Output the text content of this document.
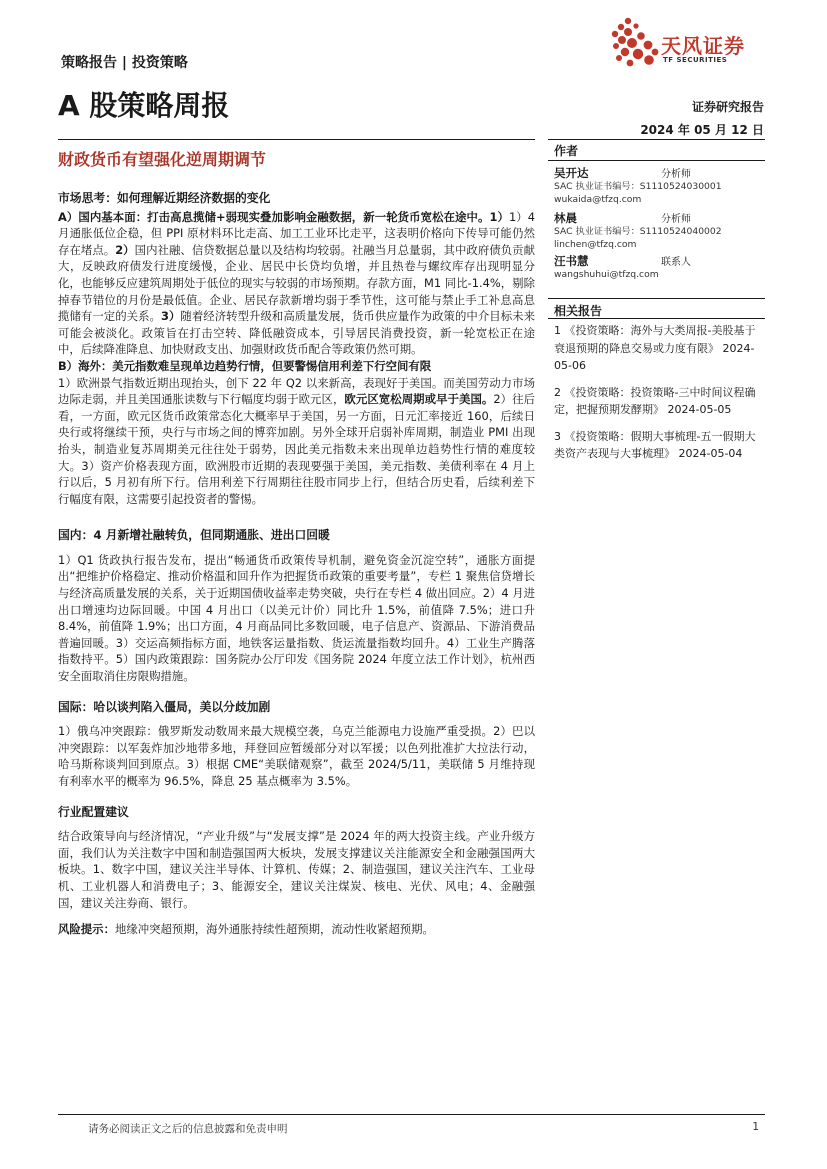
策略报告 | 投资策略
天风证券
TF SECURITIES
A 股策略周报	证券研究报告
2024 年 05 月 12 日
财政货币有望强化逆周期调节
市场思考：如何理解近期经济数据的变化

A）国内基本面：打击高息揽储+弱现实叠加影响金融数据，新一轮货币宽松在途中。1）1）4 月通胀低位企稳，但 PPI 原材料环比走高、加工工业环比走平，这表明价格向下传导可能仍然存在堵点。2）国内社融、信贷数据总量以及结构均较弱。社融当月总量弱，其中政府债负贡献大，反映政府债发行进度缓慢，企业、居民中长贷均负增，并且热卷与螺纹库存出现明显分化，也能够反应建筑周期处于低位的现实与较弱的市场预期。存款方面，M1 同比-1.4%，剔除掉春节错位的月份是最低值。企业、居民存款新增均弱于季节性，这可能与禁止手工补息高息揽储有一定的关系。3）随着经济转型升级和高质量发展，货币供应量作为政策的中介目标未来可能会被淡化。政策旨在打击空转、降低融资成本，引导居民消费投资，新一轮宽松正在途中，后续降准降息、加快财政支出、加强财政货币配合等政策仍然可期。

B）海外：美元指数难呈现单边趋势行情，但要警惕信用利差下行空间有限

1）欧洲景气指数近期出现抬头，创下 22 年 Q2 以来新高，表现好于美国。而美国劳动力市场边际走弱，并且美国通胀读数与下行幅度均弱于欧元区，欧元区宽松周期或早于美国。2）往后看，一方面，欧元区货币政策常态化大概率早于美国，另一方面，日元汇率接近 160，后续日央行或将继续干预，央行与市场之间的博弈加剧。另外全球开启弱补库周期，制造业 PMI 出现抬头，制造业复苏周期美元往往处于弱势，因此美元指数未来出现单边趋势性行情的难度较大。3）资产价格表现方面，欧洲股市近期的表现要强于美国，美元指数、美债利率在 4 月上行以后，5 月初有所下行。信用利差下行周期往往股市同步上行，但结合历史看，后续利差下行幅度有限，这需要引起投资者的警惕。

国内：4 月新增社融转负，但同期通胀、进出口回暖

1）Q1 货政执行报告发布，提出“畅通货币政策传导机制，避免资金沉淀空转”，通胀方面提出“把维护价格稳定、推动价格温和回升作为把握货币政策的重要考量”，专栏 1 聚焦信贷增长与经济高质量发展的关系，关于近期国债收益率走势突破，央行在专栏 4 做出回应。2）4 月进出口增速均边际回暖。中国 4 月出口（以美元计价）同比升 1.5%，前值降 7.5%；进口升 8.4%，前值降 1.9%；出口方面，4 月商品同比多数回暖，电子信息产、资源品、下游消费品普遍回暖。3）交运高频指标方面，地铁客运量指数、货运流量指数均回升。4）工业生产腾落指数持平。5）国内政策跟踪：国务院办公厅印发《国务院 2024 年度立法工作计划》，杭州西安全面取消住房限购措施。

国际：哈以谈判陷入僵局，美以分歧加剧

1）俄乌冲突跟踪：俄罗斯发动数周来最大规模空袭，乌克兰能源电力设施严重受损。2）巴以冲突跟踪：以军轰炸加沙地带多地，拜登回应暂缓部分对以军援；以色列批准扩大拉法行动，哈马斯称谈判回到原点。3）根据 CME“美联储观察”，截至 2024/5/11，美联储 5 月维持现有利率水平的概率为 96.5%，降息 25 基点概率为 3.5%。

行业配置建议

结合政策导向与经济情况，“产业升级”与“发展支撑”是 2024 年的两大投资主线。产业升级方面，我们认为关注数字中国和制造强国两大板块，发展支撑建议关注能源安全和金融强国两大板块。1、数字中国，建议关注半导体、计算机、传媒；2、制造强国，建议关注汽车、工业母机、工业机器人和消费电子；3、能源安全，建议关注煤炭、核电、光伏、风电；4、金融强国，建议关注券商、银行。

风险提示：地缘冲突超预期，海外通胀持续性超预期，流动性收紧超预期。

作者
吴开达	分析师
SAC 执业证书编号：S1110524030001
wukaida@tfzq.com
林晨	分析师
SAC 执业证书编号：S1110524040002
linchen@tfzq.com
汪书慧	联系人
wangshuhui@tfzq.com
相关报告
1 《投资策略：海外与大类周报-美股基于衰退预期的降息交易或力度有限》 2024-05-06
2 《投资策略：投资策略-三中时间议程确定，把握预期发酵期》 2024-05-05
3 《投资策略：假期大事梳理-五一假期大类资产表现与大事梳理》 2024-05-04
请务必阅读正文之后的信息披露和免责申明	1
